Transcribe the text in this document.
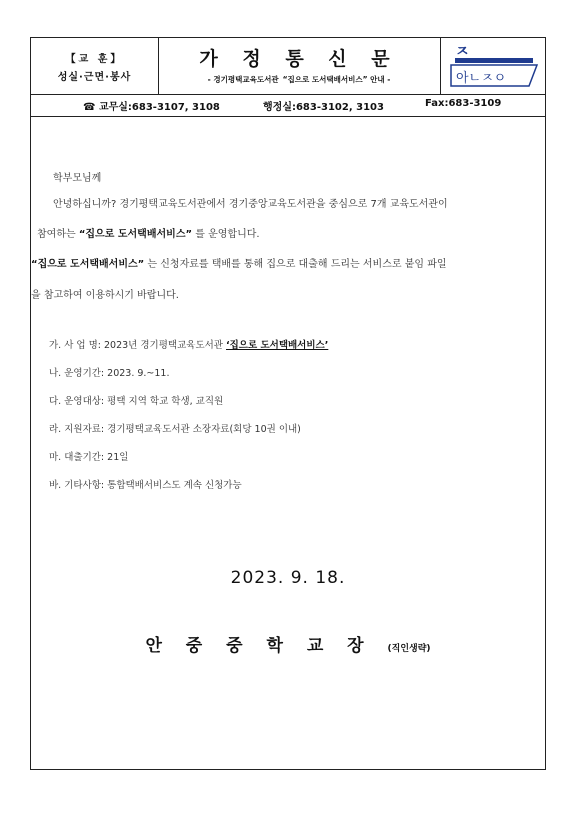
【교 훈】
성실·근면·봉사
가 정 통 신 문
- 경기평택교육도서관 “집으로 도서택배서비스” 안내 -
ㅈ
아ㄴㅈㅇ
☎ 교무실:683-3107, 3108	행정실:683-3102, 3103	Fax:683-3109
학부모님께
안녕하십니까? 경기평택교육도서관에서 경기중앙교육도서관을 중심으로 7개 교육도서관이
참여하는 “집으로 도서택배서비스” 를 운영합니다.
“집으로 도서택배서비스” 는 신청자료를 택배를 통해 집으로 대출해 드리는 서비스로 붙임 파일
을 참고하여 이용하시기 바랍니다.
가. 사 업 명: 2023년 경기평택교육도서관 ‘집으로 도서택배서비스’
나. 운영기간: 2023. 9.~11.
다. 운영대상: 평택 지역 학교 학생, 교직원
라. 지원자료: 경기평택교육도서관 소장자료(회당 10권 이내)
마. 대출기간: 21일
바. 기타사항: 통합택배서비스도 계속 신청가능
2023. 9. 18.
안 중 중 학 교 장 (직인생략)
